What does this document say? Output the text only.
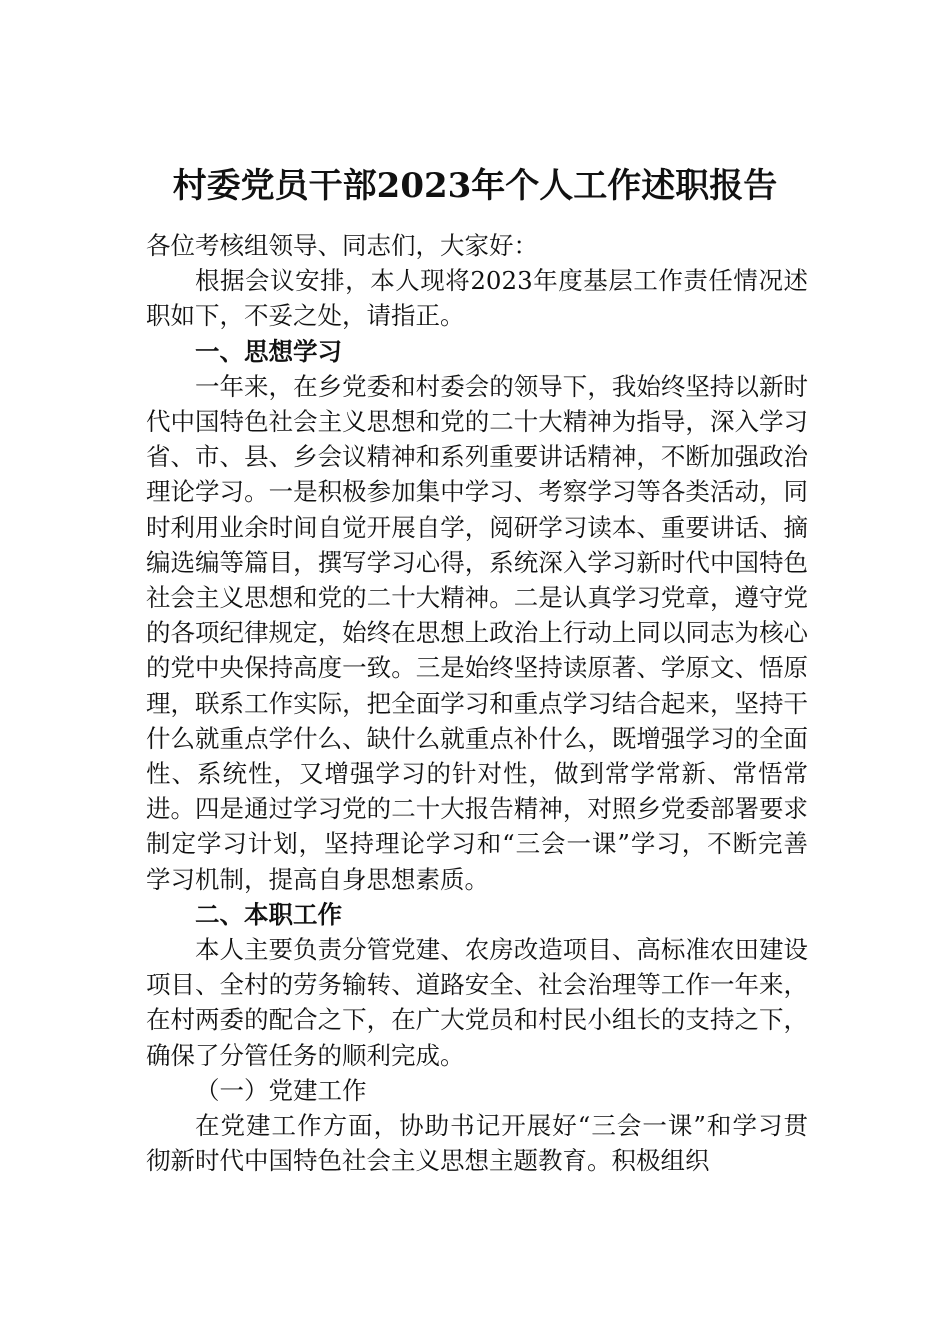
村委党员干部2023年个人工作述职报告

各位考核组领导、同志们，大家好：

根据会议安排，本人现将2023年度基层工作责任情况述职如下，不妥之处，请指正。

一、思想学习

一年来，在乡党委和村委会的领导下，我始终坚持以新时代中国特色社会主义思想和党的二十大精神为指导，深入学习省、市、县、乡会议精神和系列重要讲话精神，不断加强政治理论学习。一是积极参加集中学习、考察学习等各类活动，同时利用业余时间自觉开展自学，阅研学习读本、重要讲话、摘编选编等篇目，撰写学习心得，系统深入学习新时代中国特色社会主义思想和党的二十大精神。二是认真学习党章，遵守党的各项纪律规定，始终在思想上政治上行动上同以同志为核心的党中央保持高度一致。三是始终坚持读原著、学原文、悟原理，联系工作实际，把全面学习和重点学习结合起来，坚持干什么就重点学什么、缺什么就重点补什么，既增强学习的全面性、系统性，又增强学习的针对性，做到常学常新、常悟常进。四是通过学习党的二十大报告精神，对照乡党委部署要求制定学习计划，坚持理论学习和“三会一课”学习，不断完善学习机制，提高自身思想素质。

二、本职工作

本人主要负责分管党建、农房改造项目、高标准农田建设项目、全村的劳务输转、道路安全、社会治理等工作一年来，在村两委的配合之下，在广大党员和村民小组长的支持之下，确保了分管任务的顺利完成。

（一）党建工作

在党建工作方面，协助书记开展好“三会一课”和学习贯彻新时代中国特色社会主义思想主题教育。积极组织
